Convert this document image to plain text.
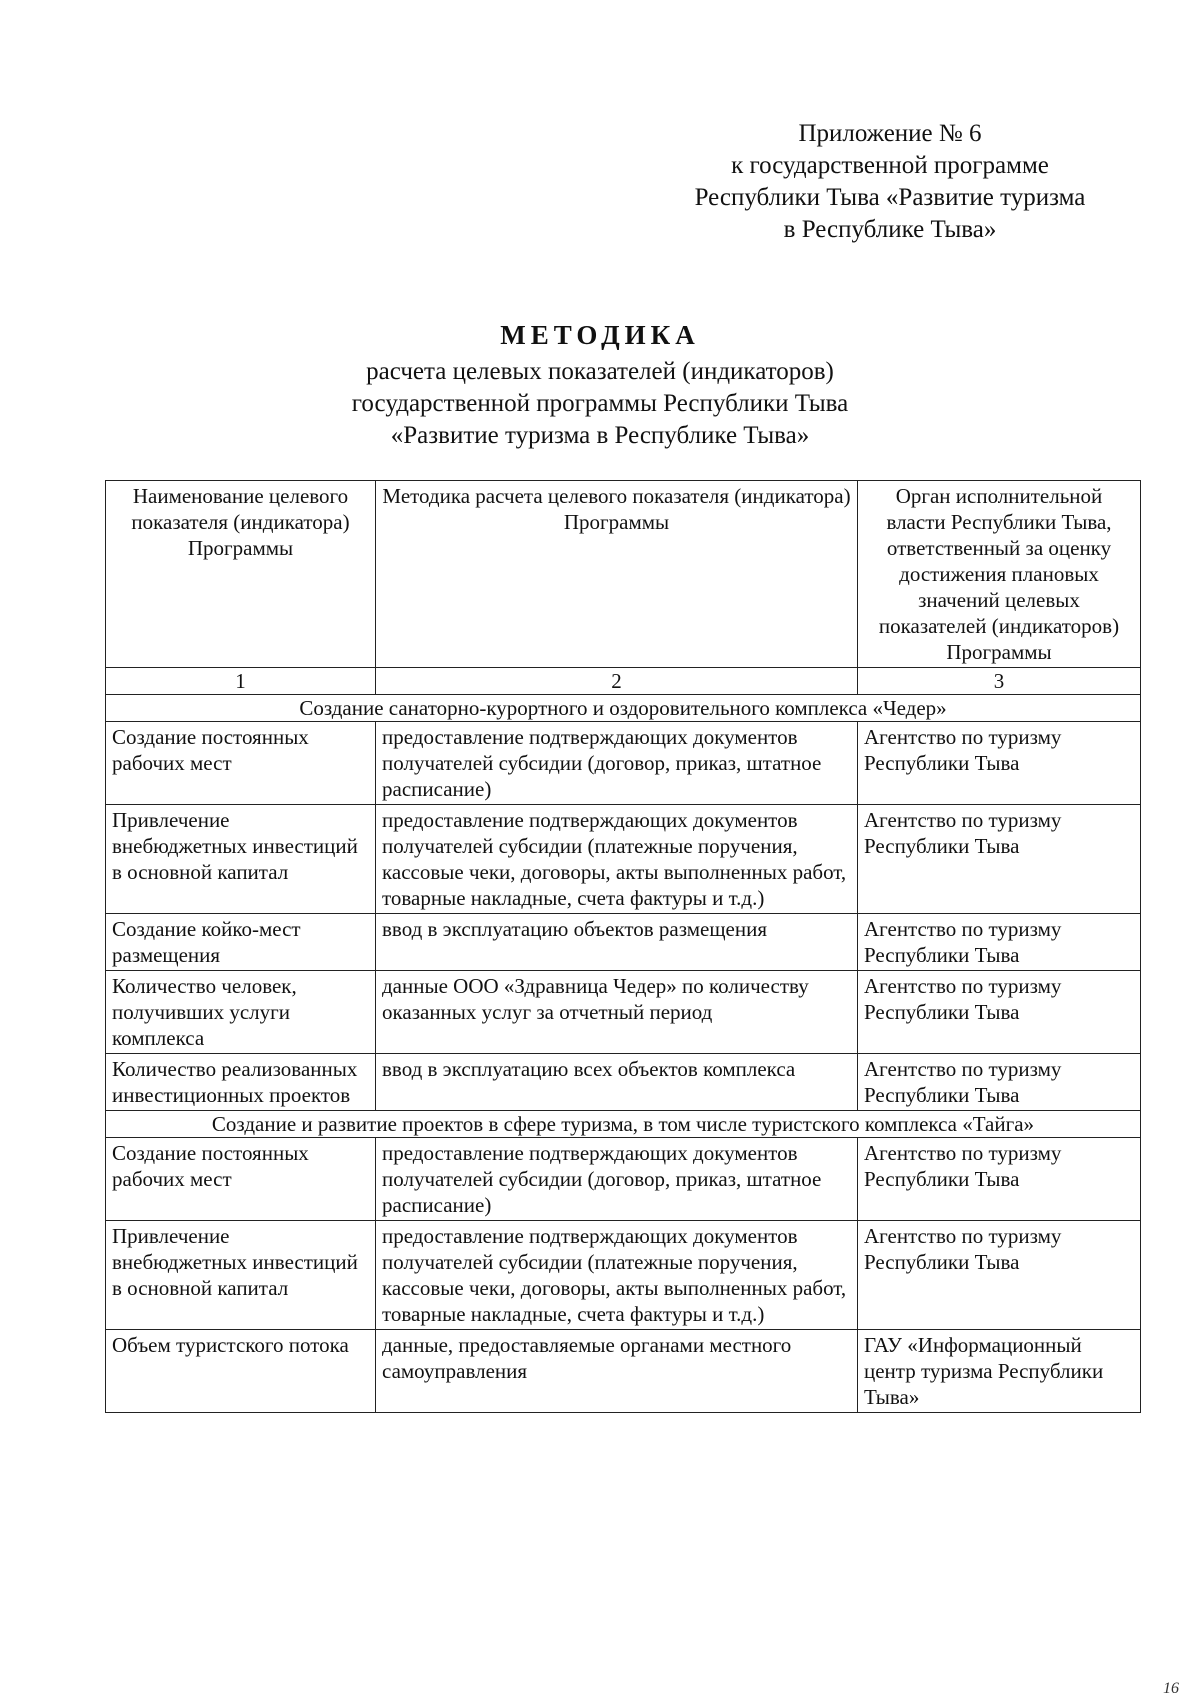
Приложение № 6
к государственной программе
Республики Тыва «Развитие туризма
в Республике Тыва»
МЕТОДИКА
расчета целевых показателей (индикаторов)
государственной программы Республики Тыва
«Развитие туризма в Республике Тыва»
Наименование целевого показателя (индикатора) Программы	Методика расчета целевого показателя (индикатора) Программы	Орган исполнительной власти Республики Тыва, ответственный за оценку достижения плановых значений целевых показателей (индикаторов) Программы
1	2	3
Создание санаторно-курортного и оздоровительного комплекса «Чедер»		
Создание постоянных рабочих мест	предоставление подтверждающих документов получателей субсидии (договор, приказ, штатное расписание)	Агентство по туризму Республики Тыва
Привлечение внебюджетных инвестиций в основной капитал	предоставление подтверждающих документов получателей субсидии (платежные поручения, кассовые чеки, договоры, акты выполненных работ, товарные накладные, счета фактуры и т.д.)	Агентство по туризму Республики Тыва
Создание койко-мест размещения	ввод в эксплуатацию объектов размещения	Агентство по туризму Республики Тыва
Количество человек, получивших услуги комплекса	данные ООО «Здравница Чедер» по количеству оказанных услуг за отчетный период	Агентство по туризму Республики Тыва
Количество реализованных инвестиционных проектов	ввод в эксплуатацию всех объектов комплекса	Агентство по туризму Республики Тыва
Создание и развитие проектов в сфере туризма, в том числе туристского комплекса «Тайга»		
Создание постоянных рабочих мест	предоставление подтверждающих документов получателей субсидии (договор, приказ, штатное расписание)	Агентство по туризму Республики Тыва
Привлечение внебюджетных инвестиций в основной капитал	предоставление подтверждающих документов получателей субсидии (платежные поручения, кассовые чеки, договоры, акты выполненных работ, товарные накладные, счета фактуры и т.д.)	Агентство по туризму Республики Тыва
Объем туристского потока	данные, предоставляемые органами местного самоуправления	ГАУ «Информационный центр туризма Республики Тыва»
16
